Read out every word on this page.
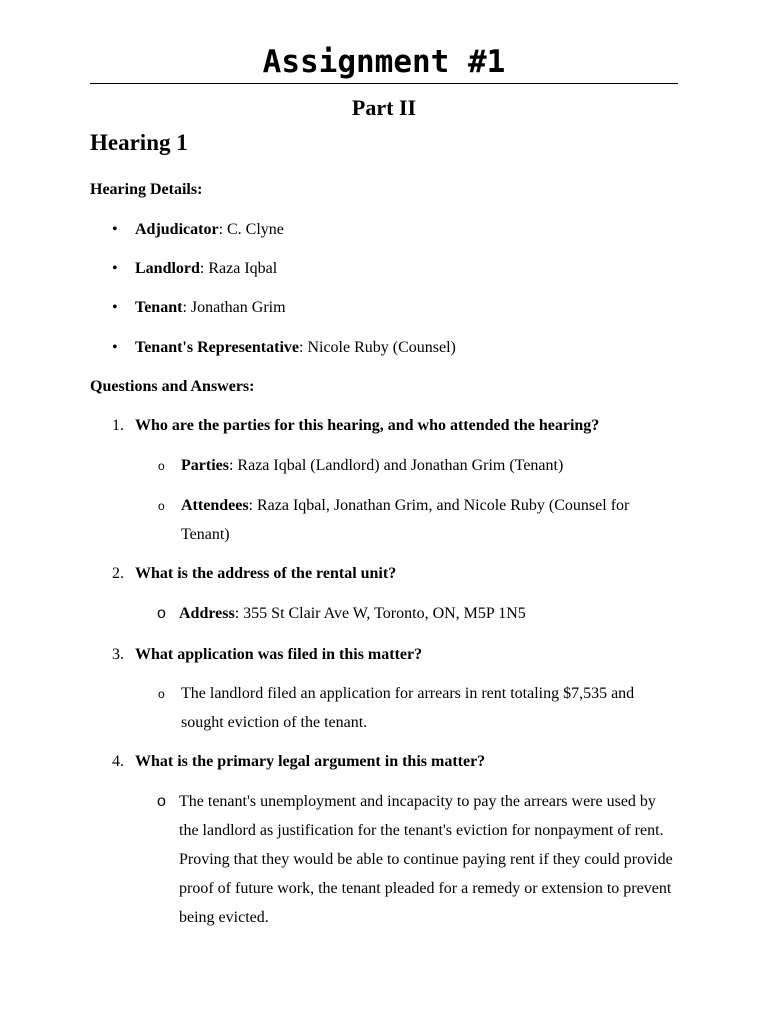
Assignment #1
Part II
Hearing 1
Hearing Details:
• Adjudicator: C. Clyne
• Landlord: Raza Iqbal
• Tenant: Jonathan Grim
• Tenant's Representative: Nicole Ruby (Counsel)
Questions and Answers:
1. Who are the parties for this hearing, and who attended the hearing?
o Parties: Raza Iqbal (Landlord) and Jonathan Grim (Tenant)
o Attendees: Raza Iqbal, Jonathan Grim, and Nicole Ruby (Counsel for Tenant)
2. What is the address of the rental unit?
o Address: 355 St Clair Ave W, Toronto, ON, M5P 1N5
3. What application was filed in this matter?
o The landlord filed an application for arrears in rent totaling $7,535 and sought eviction of the tenant.
4. What is the primary legal argument in this matter?
o The tenant's unemployment and incapacity to pay the arrears were used by the landlord as justification for the tenant's eviction for nonpayment of rent. Proving that they would be able to continue paying rent if they could provide proof of future work, the tenant pleaded for a remedy or extension to prevent being evicted.
